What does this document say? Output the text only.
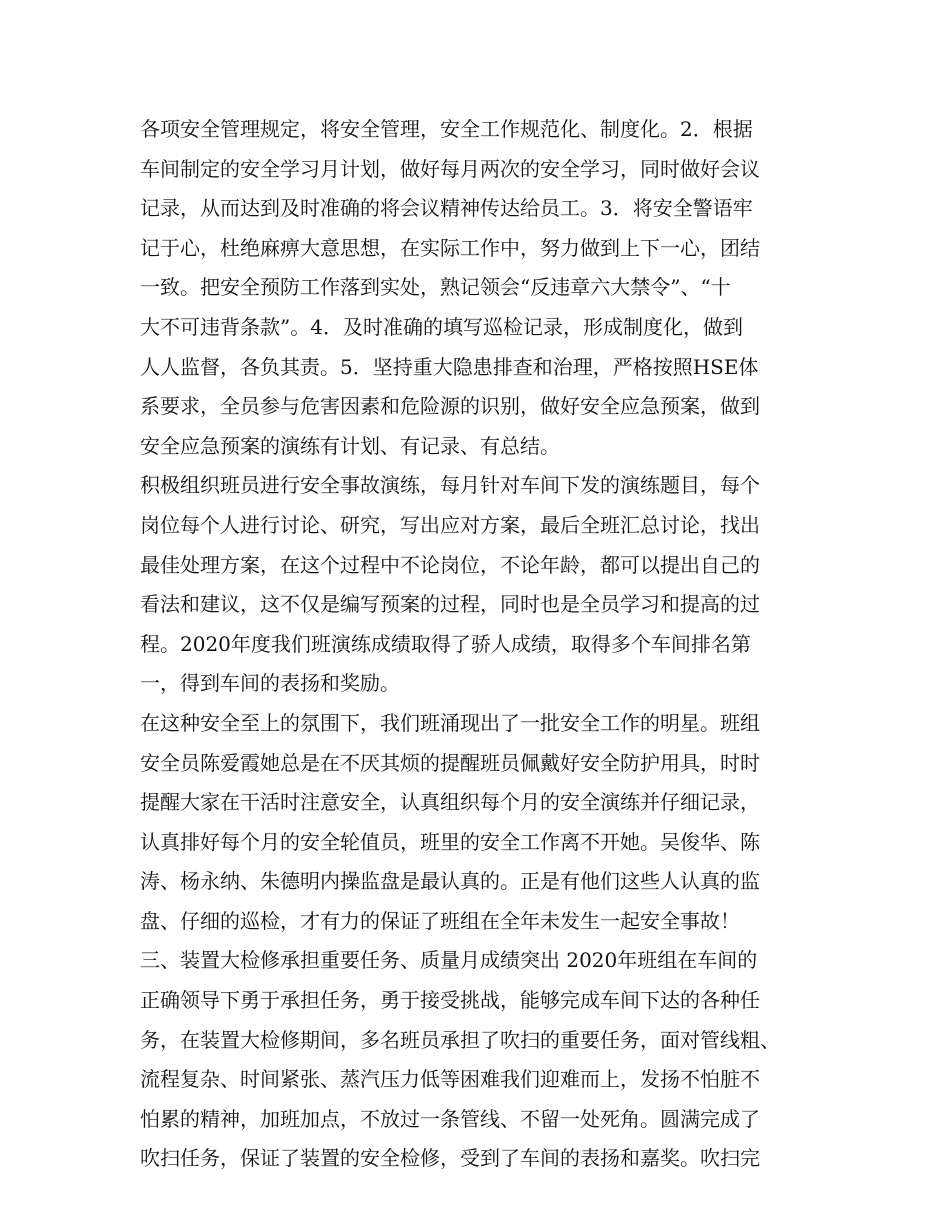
各项安全管理规定，将安全管理，安全工作规范化、制度化。2．根据
车间制定的安全学习月计划，做好每月两次的安全学习，同时做好会议
记录，从而达到及时准确的将会议精神传达给员工。3．将安全警语牢
记于心，杜绝麻痹大意思想，在实际工作中，努力做到上下一心，团结
一致。把安全预防工作落到实处，熟记领会“反违章六大禁令”、“十
大不可违背条款”。4．及时准确的填写巡检记录，形成制度化，做到
人人监督，各负其责。5．坚持重大隐患排查和治理，严格按照HSE体
系要求，全员参与危害因素和危险源的识别，做好安全应急预案，做到
安全应急预案的演练有计划、有记录、有总结。
积极组织班员进行安全事故演练，每月针对车间下发的演练题目，每个
岗位每个人进行讨论、研究，写出应对方案，最后全班汇总讨论，找出
最佳处理方案，在这个过程中不论岗位，不论年龄，都可以提出自己的
看法和建议，这不仅是编写预案的过程，同时也是全员学习和提高的过
程。2020年度我们班演练成绩取得了骄人成绩，取得多个车间排名第
一，得到车间的表扬和奖励。
在这种安全至上的氛围下，我们班涌现出了一批安全工作的明星。班组
安全员陈爱霞她总是在不厌其烦的提醒班员佩戴好安全防护用具，时时
提醒大家在干活时注意安全，认真组织每个月的安全演练并仔细记录，
认真排好每个月的安全轮值员，班里的安全工作离不开她。吴俊华、陈
涛、杨永纳、朱德明内操监盘是最认真的。正是有他们这些人认真的监
盘、仔细的巡检，才有力的保证了班组在全年未发生一起安全事故！
三、装置大检修承担重要任务、质量月成绩突出 2020年班组在车间的
正确领导下勇于承担任务，勇于接受挑战，能够完成车间下达的各种任
务，在装置大检修期间，多名班员承担了吹扫的重要任务，面对管线粗、
流程复杂、时间紧张、蒸汽压力低等困难我们迎难而上，发扬不怕脏不
怕累的精神，加班加点，不放过一条管线、不留一处死角。圆满完成了
吹扫任务，保证了装置的安全检修，受到了车间的表扬和嘉奖。吹扫完
